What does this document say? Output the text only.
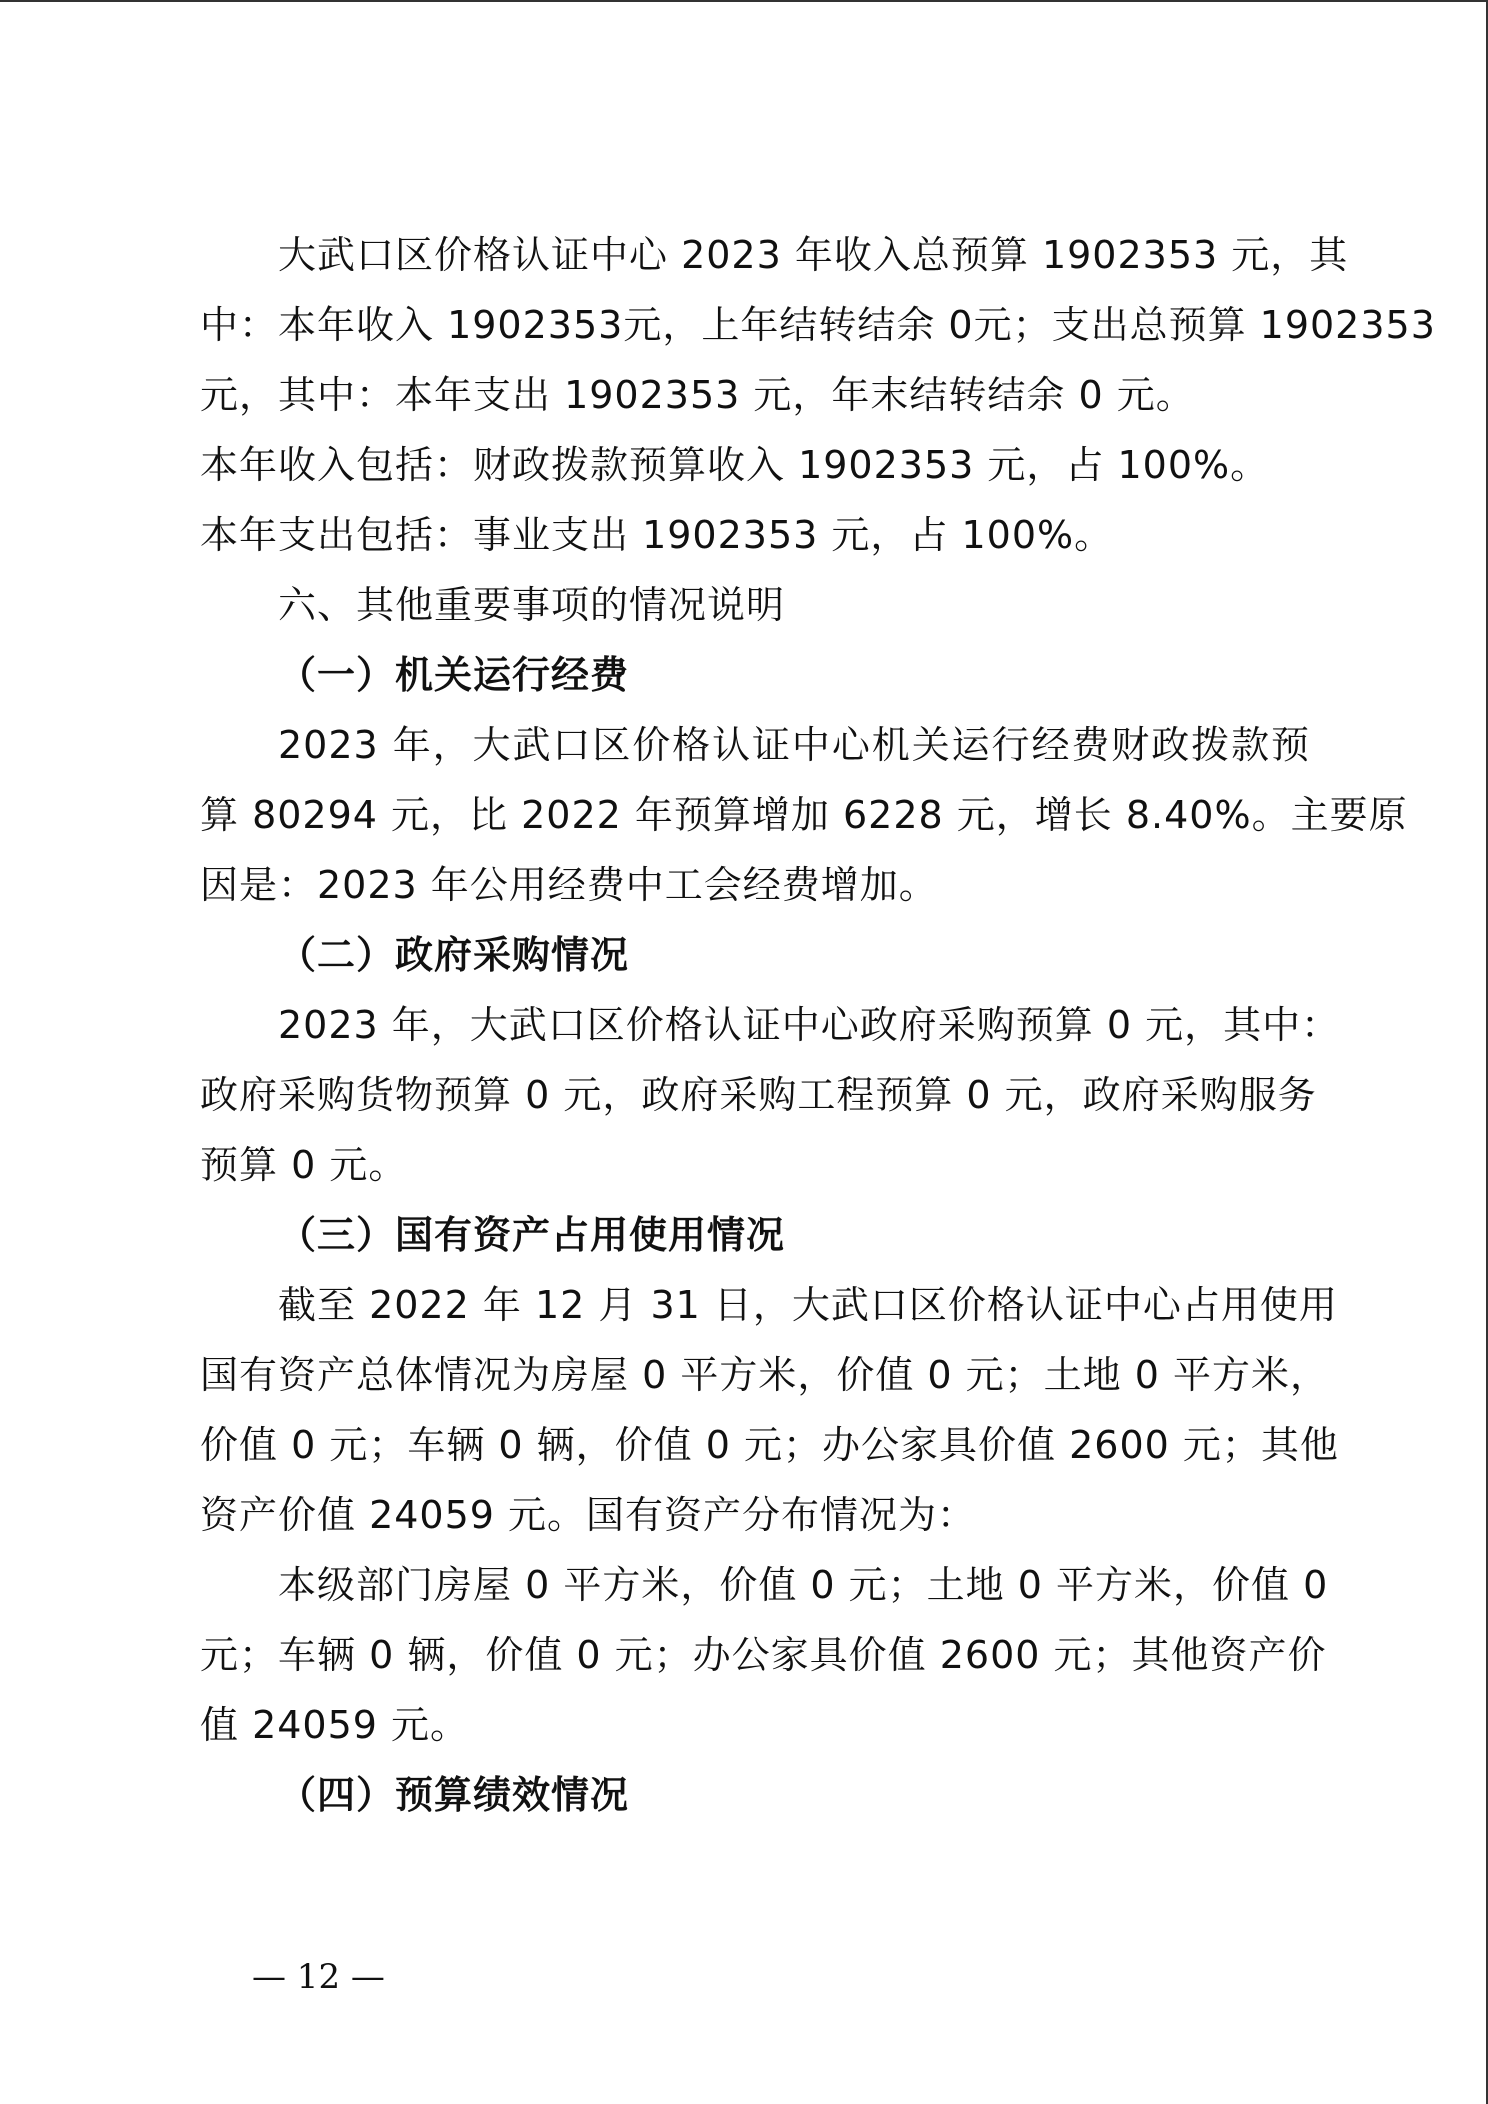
大武口区价格认证中心 2023 年收入总预算 1902353 元，其
中：本年收入 1902353元，上年结转结余 0元；支出总预算 1902353
元，其中：本年支出 1902353 元，年末结转结余 0 元。
本年收入包括：财政拨款预算收入 1902353 元，占 100%。
本年支出包括：事业支出 1902353 元，占 100%。
六、其他重要事项的情况说明
（一）机关运行经费
2023 年，大武口区价格认证中心机关运行经费财政拨款预
算 80294 元，比 2022 年预算增加 6228 元，增长 8.40%。主要原
因是：2023 年公用经费中工会经费增加。
（二）政府采购情况
2023 年，大武口区价格认证中心政府采购预算 0 元，其中：
政府采购货物预算 0 元，政府采购工程预算 0 元，政府采购服务
预算 0 元。
（三）国有资产占用使用情况
截至 2022 年 12 月 31 日，大武口区价格认证中心占用使用
国有资产总体情况为房屋 0 平方米，价值 0 元；土地 0 平方米，
价值 0 元；车辆 0 辆，价值 0 元；办公家具价值 2600 元；其他
资产价值 24059 元。国有资产分布情况为：
本级部门房屋 0 平方米，价值 0 元；土地 0 平方米，价值 0
元；车辆 0 辆，价值 0 元；办公家具价值 2600 元；其他资产价
值 24059 元。
（四）预算绩效情况
— 12 —
